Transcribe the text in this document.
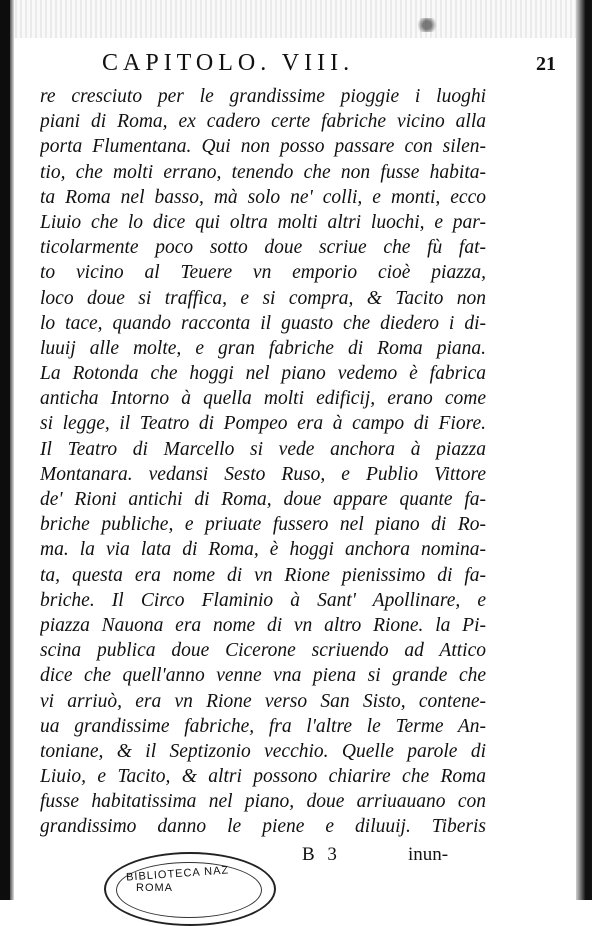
CAPITOLO. VIII.	21
re cresciuto per le grandissime pioggie i luoghi
piani di Roma, ex cadero certe fabriche vicino alla
porta Flumentana. Qui non posso passare con silen-
tio, che molti errano, tenendo che non fusse habita-
ta Roma nel basso, mà solo ne' colli, e monti, ecco
Liuio che lo dice qui oltra molti altri luochi, e par-
ticolarmente poco sotto doue scriue che fù fat-
to vicino al Teuere vn emporio cioè piazza,
loco doue si traffica, e si compra, & Tacito non
lo tace, quando racconta il guasto che diedero i di-
luuij alle molte, e gran fabriche di Roma piana.
La Rotonda che hoggi nel piano vedemo è fabrica
anticha Intorno à quella molti edificij, erano come
si legge, il Teatro di Pompeo era à campo di Fiore.
Il Teatro di Marcello si vede anchora à piazza
Montanara. vedansi Sesto Ruso, e Publio Vittore
de' Rioni antichi di Roma, doue appare quante fa-
briche publiche, e priuate fussero nel piano di Ro-
ma. la via lata di Roma, è hoggi anchora nomina-
ta, questa era nome di vn Rione pienissimo di fa-
briche. Il Circo Flaminio à Sant' Apollinare, e
piazza Nauona era nome di vn altro Rione. la Pi-
scina publica doue Cicerone scriuendo ad Attico
dice che quell'anno venne vna piena si grande che
vi arriuò, era vn Rione verso San Sisto, contene-
ua grandissime fabriche, fra l'altre le Terme An-
toniane, & il Septizonio vecchio. Quelle parole di
Liuio, e Tacito, & altri possono chiarire che Roma
fusse habitatissima nel piano, doue arriuauano con
grandissimo danno le piene e diluuij. Tiberis
B 3	inun-
BIBLIOTECA NAZ
ROMA
